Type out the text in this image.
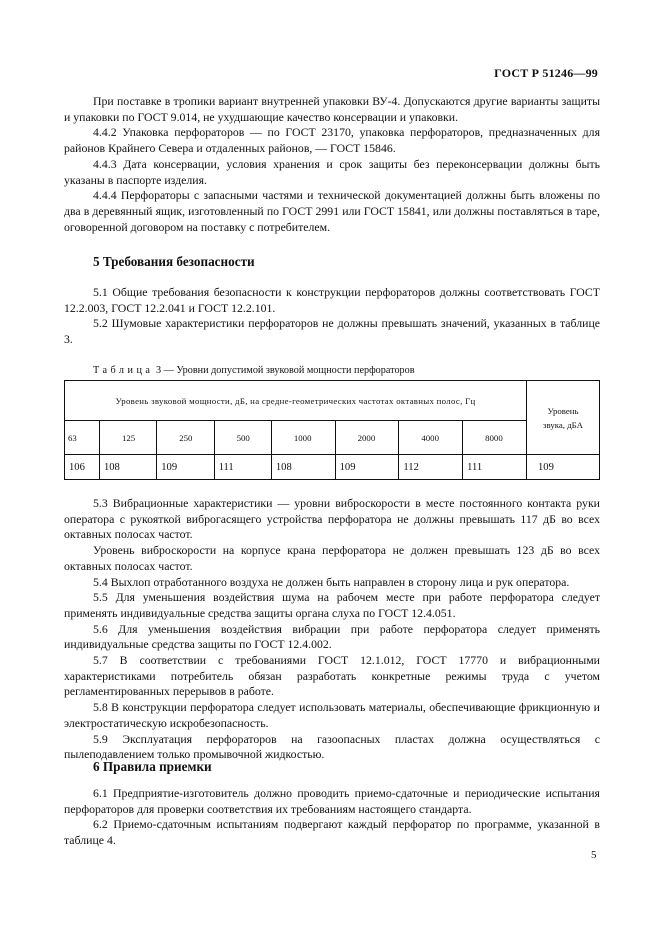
ГОСТ Р 51246—99

При поставке в тропики вариант внутренней упаковки ВУ-4. Допускаются другие варианты защиты и упаковки по ГОСТ 9.014, не ухудшающие качество консервации и упаковки.

4.4.2 Упаковка перфораторов — по ГОСТ 23170, упаковка перфораторов, предназначенных для районов Крайнего Севера и отдаленных районов, — ГОСТ 15846.

4.4.3 Дата консервации, условия хранения и срок защиты без переконсервации должны быть указаны в паспорте изделия.

4.4.4 Перфораторы с запасными частями и технической документацией должны быть вложены по два в деревянный ящик, изготовленный по ГОСТ 2991 или ГОСТ 15841, или должны поставляться в таре, оговоренной договором на поставку с потребителем.

5 Требования безопасности

5.1 Общие требования безопасности к конструкции перфораторов должны соответствовать ГОСТ 12.2.003, ГОСТ 12.2.041 и ГОСТ 12.2.101.

5.2 Шумовые характеристики перфораторов не должны превышать значений, указанных в таблице 3.

Таблица 3 — Уровни допустимой звуковой мощности перфораторов

Уровень звуковой мощности, дБ, на средне-геометрических частотах октавных полос, Гц								Уровень
звука, дБА
63	125	250	500	1000	2000	4000	8000	
106	108	109	111	108	109	112	111	109

5.3 Вибрационные характеристики — уровни виброскорости в месте постоянного контакта руки оператора с рукояткой виброгасящего устройства перфоратора не должны превышать 117 дБ во всех октавных полосах частот.

Уровень виброскорости на корпусе крана перфоратора не должен превышать 123 дБ во всех октавных полосах частот.

5.4 Выхлоп отработанного воздуха не должен быть направлен в сторону лица и рук оператора.

5.5 Для уменьшения воздействия шума на рабочем месте при работе перфоратора следует применять индивидуальные средства защиты органа слуха по ГОСТ 12.4.051.

5.6 Для уменьшения воздействия вибрации при работе перфоратора следует применять индивидуальные средства защиты по ГОСТ 12.4.002.

5.7 В соответствии с требованиями ГОСТ 12.1.012, ГОСТ 17770 и вибрационными характеристиками потребитель обязан разработать конкретные режимы труда с учетом регламентированных перерывов в работе.

5.8 В конструкции перфоратора следует использовать материалы, обеспечивающие фрикционную и электростатическую искробезопасность.

5.9 Эксплуатация перфораторов на газоопасных пластах должна осуществляться с пылеподавлением только промывочной жидкостью.

6 Правила приемки

6.1 Предприятие-изготовитель должно проводить приемо-сдаточные и периодические испытания перфораторов для проверки соответствия их требованиям настоящего стандарта.

6.2 Приемо-сдаточным испытаниям подвергают каждый перфоратор по программе, указанной в таблице 4.

5
